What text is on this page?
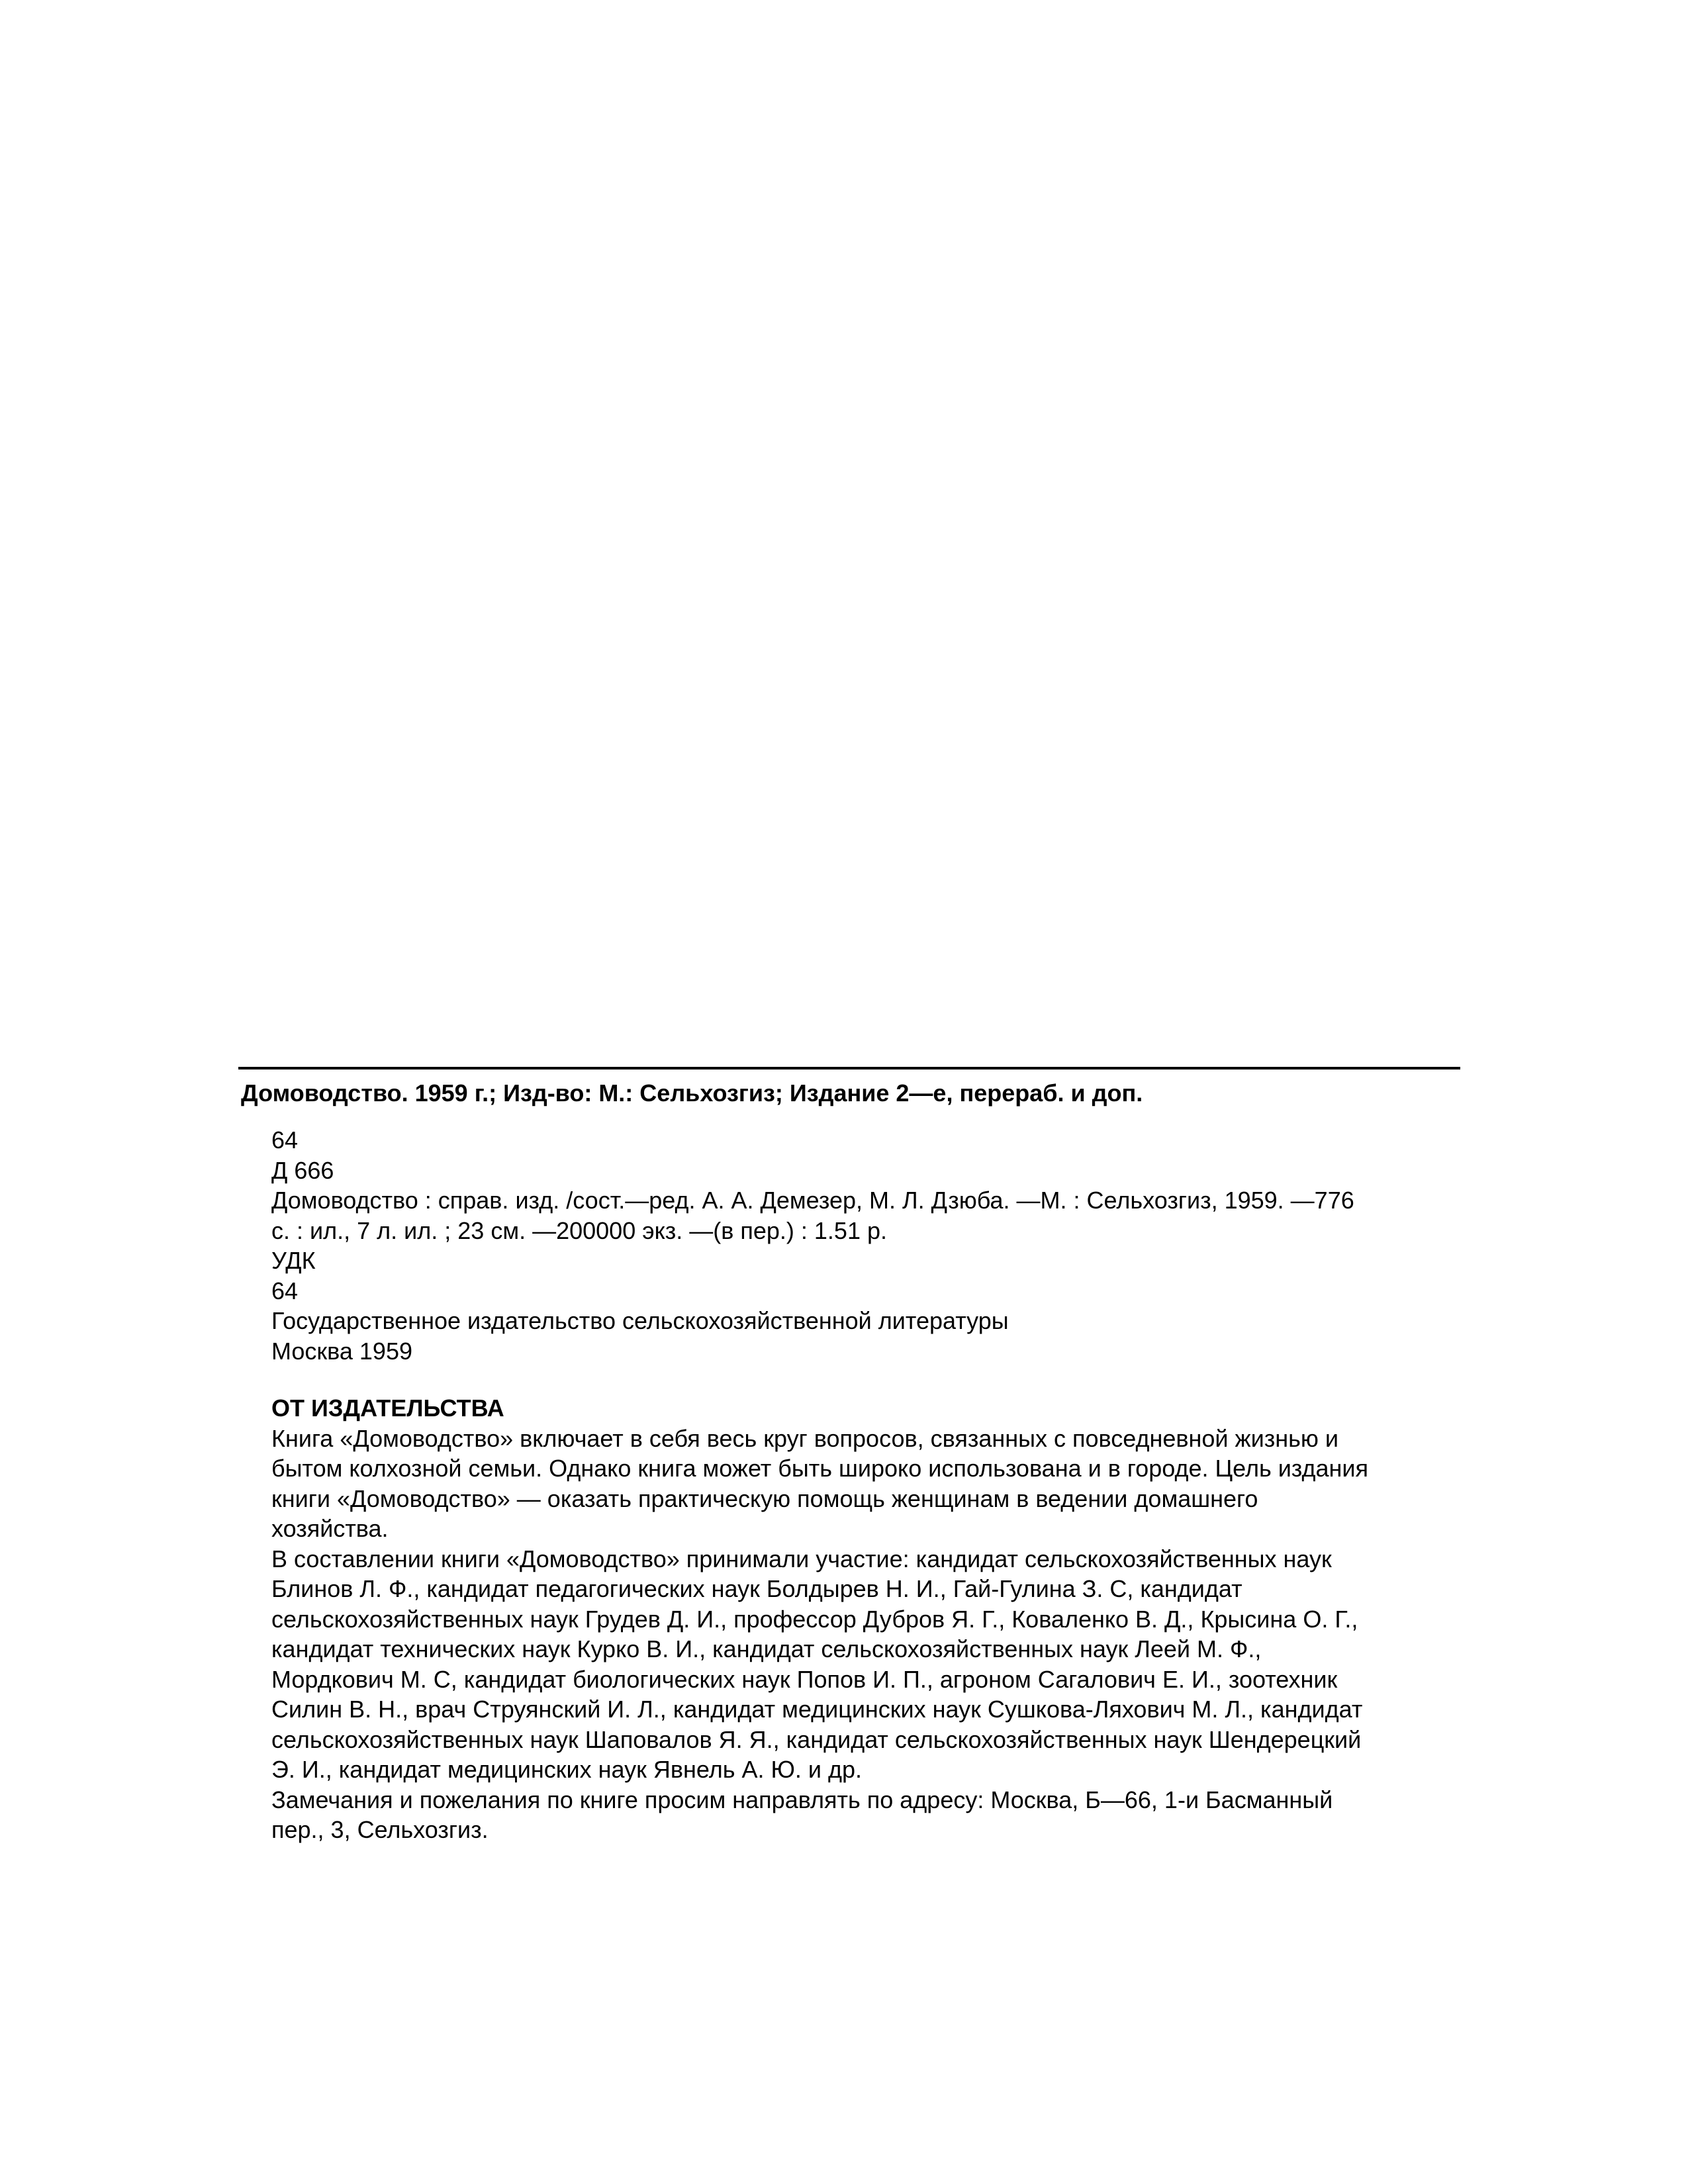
Домоводство. 1959 г.; Изд-во: М.: Сельхозгиз; Издание 2—е, перераб. и доп.
64
Д 666
Домоводство : справ. изд. /сост.—ред. А. А. Демезер, М. Л. Дзюба. —М. : Сельхозгиз, 1959. —776
с. : ил., 7 л. ил. ; 23 см. —200000 экз. —(в пер.) : 1.51 р.
УДК
64
Государственное издательство сельскохозяйственной литературы
Москва 1959
ОТ ИЗДАТЕЛЬСТВА
Книга «Домоводство» включает в себя весь круг вопросов, связанных с повседневной жизнью и
бытом колхозной семьи. Однако книга может быть широко использована и в городе. Цель издания
книги «Домоводство» — оказать практическую помощь женщинам в ведении домашнего
хозяйства.
В составлении книги «Домоводство» принимали участие: кандидат сельскохозяйственных наук
Блинов Л. Ф., кандидат педагогических наук Болдырев Н. И., Гай-Гулина З. С, кандидат
сельскохозяйственных наук Грудев Д. И., профессор Дубров Я. Г., Коваленко В. Д., Крысина О. Г.,
кандидат технических наук Курко В. И., кандидат сельскохозяйственных наук Леей М. Ф.,
Мордкович М. С, кандидат биологических наук Попов И. П., агроном Сагалович Е. И., зоотехник
Силин В. Н., врач Струянский И. Л., кандидат медицинских наук Сушкова-Ляхович М. Л., кандидат
сельскохозяйственных наук Шаповалов Я. Я., кандидат сельскохозяйственных наук Шендерецкий
Э. И., кандидат медицинских наук Явнель А. Ю. и др.
Замечания и пожелания по книге просим направлять по адресу: Москва, Б—66, 1-и Басманный
пер., 3, Сельхозгиз.
